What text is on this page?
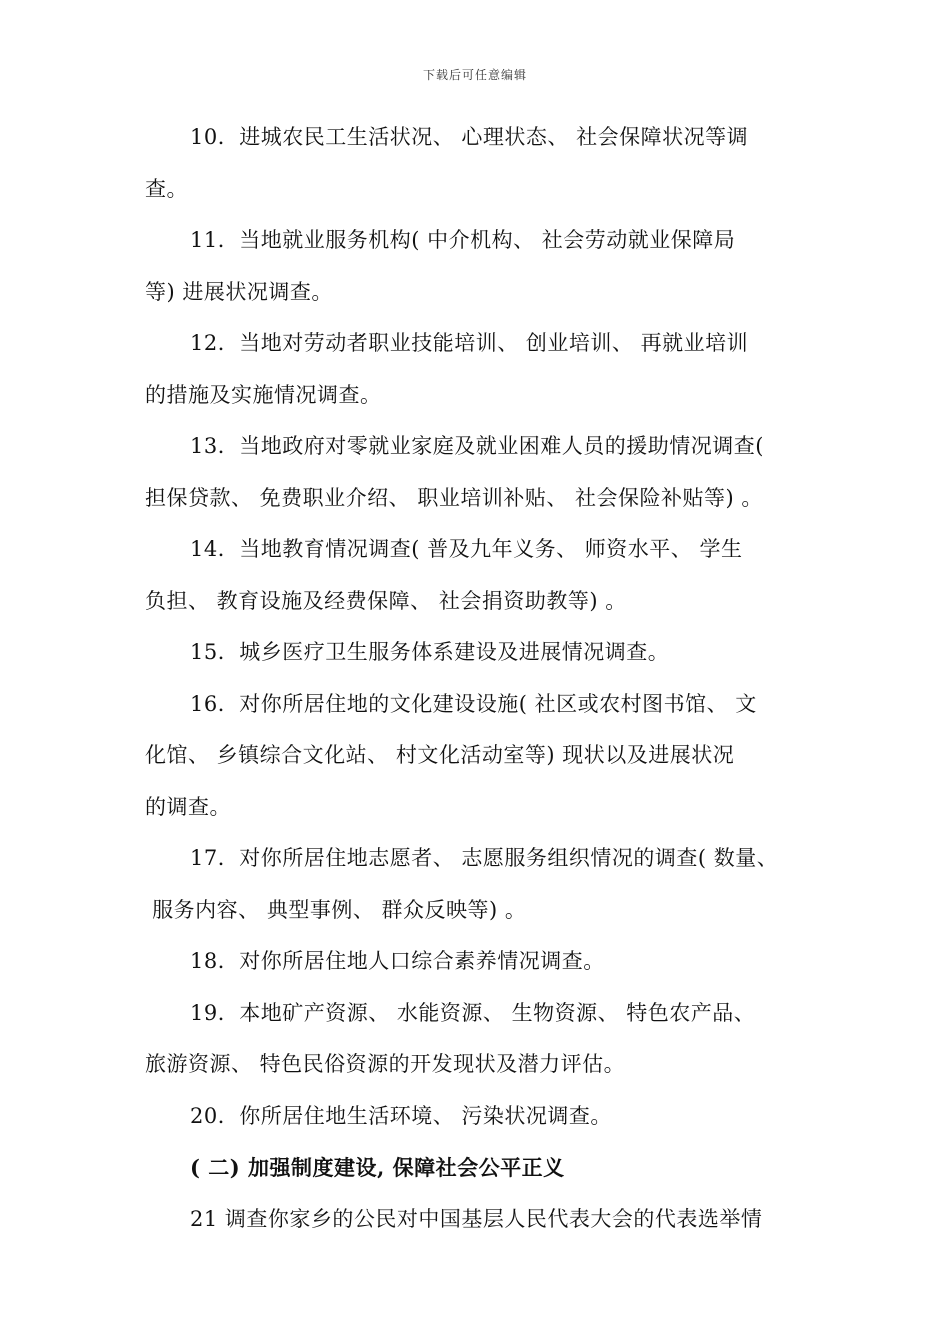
下载后可任意编辑
10．进城农民工生活状况、 心理状态、 社会保障状况等调
查。
11．当地就业服务机构( 中介机构、 社会劳动就业保障局
等) 进展状况调查。
12．当地对劳动者职业技能培训、 创业培训、 再就业培训
的措施及实施情况调查。
13．当地政府对零就业家庭及就业困难人员的援助情况调查(
担保贷款、 免费职业介绍、 职业培训补贴、 社会保险补贴等) 。
14．当地教育情况调查( 普及九年义务、 师资水平、 学生
负担、 教育设施及经费保障、 社会捐资助教等) 。
15．城乡医疗卫生服务体系建设及进展情况调查。
16．对你所居住地的文化建设设施( 社区或农村图书馆、 文
化馆、 乡镇综合文化站、 村文化活动室等) 现状以及进展状况
的调查。
17．对你所居住地志愿者、 志愿服务组织情况的调查( 数量、
服务内容、 典型事例、 群众反映等) 。
18．对你所居住地人口综合素养情况调查。
19．本地矿产资源、 水能资源、 生物资源、 特色农产品、
旅游资源、 特色民俗资源的开发现状及潜力评估。
20．你所居住地生活环境、 污染状况调查。
( 二) 加强制度建设, 保障社会公平正义
21 调查你家乡的公民对中国基层人民代表大会的代表选举情
